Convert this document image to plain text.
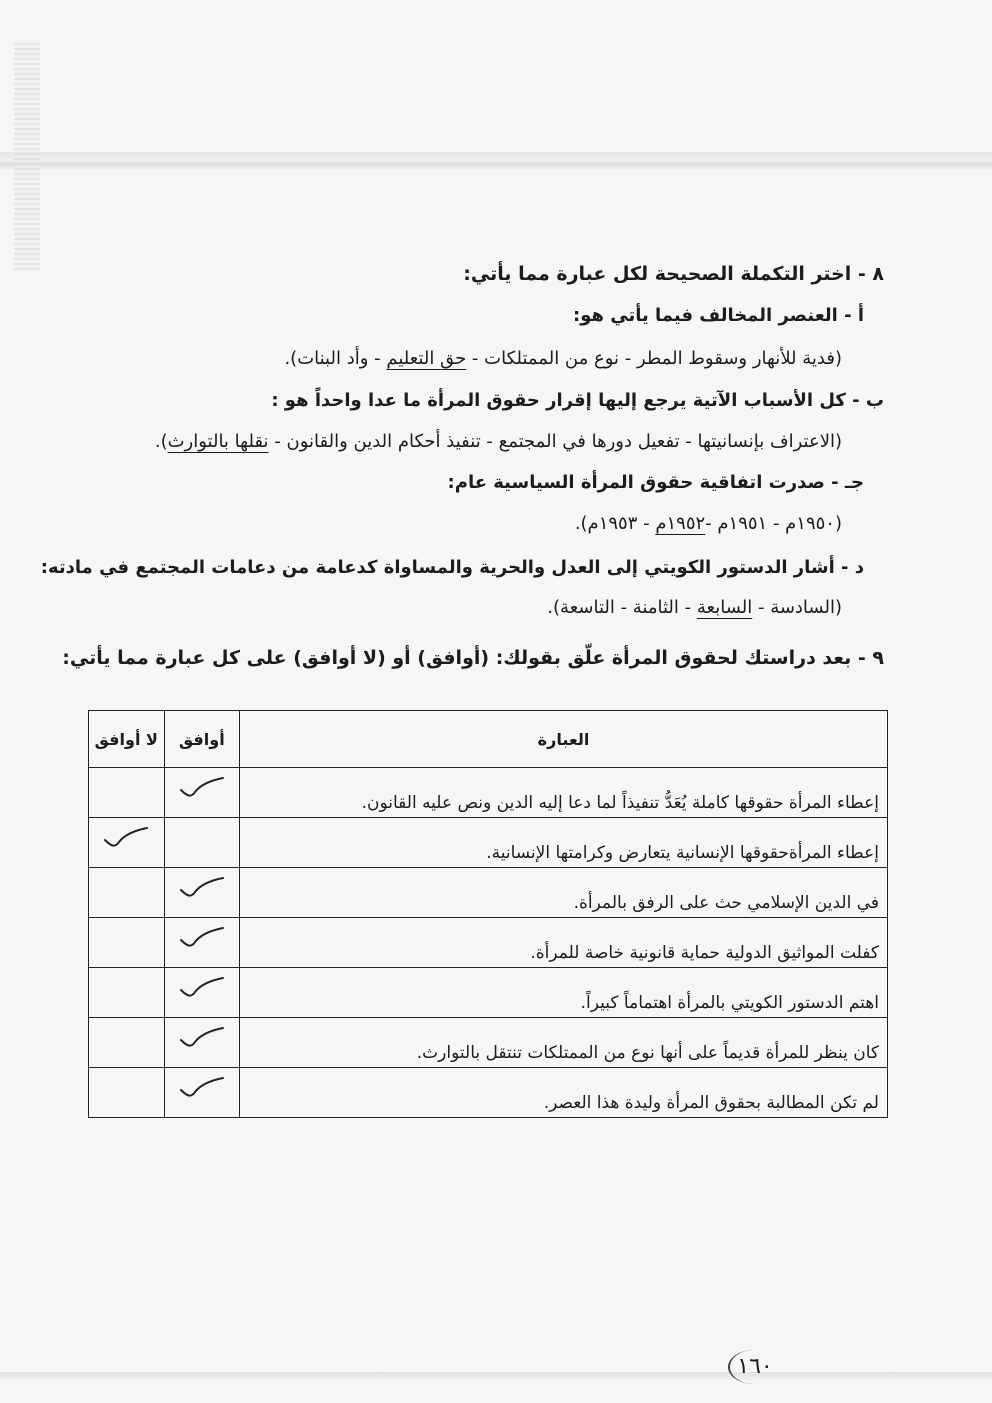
٨ - اختر التكملة الصحيحة لكل عبارة مما يأتي:
أ - العنصر المخالف فيما يأتي هو:
(فدية للأنهار وسقوط المطر - نوع من الممتلكات - حق التعليم - وأد البنات).
ب - كل الأسباب الآتية يرجع إليها إقرار حقوق المرأة ما عدا واحداً هو :
(الاعتراف بإنسانيتها - تفعيل دورها في المجتمع - تنفيذ أحكام الدين والقانون - نقلها بالتوارث).
جـ - صدرت اتفاقية حقوق المرأة السياسية عام:
(١٩٥٠م - ١٩٥١م -١٩٥٢م - ١٩٥٣م).
د - أشار الدستور الكويتي إلى العدل والحرية والمساواة كدعامة من دعامات المجتمع في مادته:
(السادسة - السابعة - الثامنة - التاسعة).
٩ - بعد دراستك لحقوق المرأة علّق بقولك: (أوافق) أو (لا أوافق) على كل عبارة مما يأتي:
العبارة	أوافق	لا أوافق
إعطاء المرأة حقوقها كاملة يُعَدُّ تنفيذاً لما دعا إليه الدين ونص عليه القانون.	

إعطاء المرأةحقوقها الإنسانية يتعارض وكرامتها الإنسانية.		

في الدين الإسلامي حث على الرفق بالمرأة.	

كفلت المواثيق الدولية حماية قانونية خاصة للمرأة.	

اهتم الدستور الكويتي بالمرأة اهتماماً كبيراً.	

كان ينظر للمرأة قديماً على أنها نوع من الممتلكات تنتقل بالتوارث.	

لم تكن المطالبة بحقوق المرأة وليدة هذا العصر.	

١٦٠
